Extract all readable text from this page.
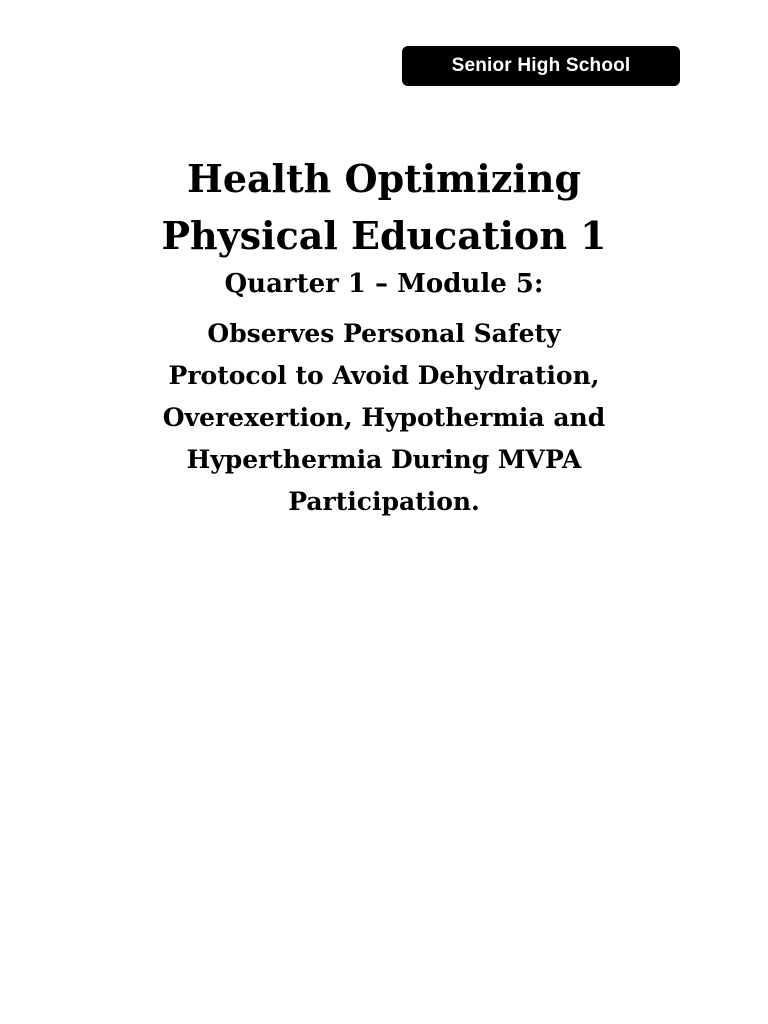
Senior High School
Health Optimizing
Physical Education 1
Quarter 1 – Module 5:
Observes Personal Safety
Protocol to Avoid Dehydration,
Overexertion, Hypothermia and
Hyperthermia During MVPA
Participation.
